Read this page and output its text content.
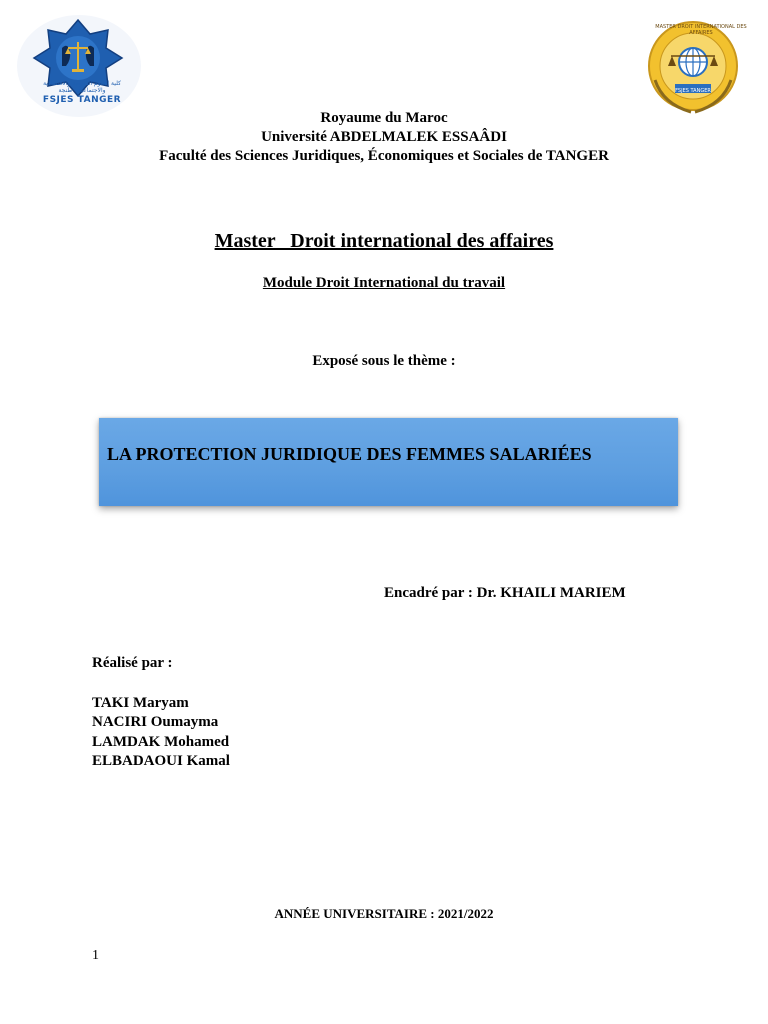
كلية العلوم القانونية والاقتصادية والاجتماعية - طنجة
FSJES TANGER
FSJES TANGER
MASTER DROIT INTERNATIONAL DES AFFAIRES
Royaume du Maroc
Université ABDELMALEK ESSAÂDI
Faculté des Sciences Juridiques, Économiques et Sociales de TANGER
Master   Droit international des affaires
Module Droit International du travail
Exposé sous le thème :
LA PROTECTION JURIDIQUE DES FEMMES SALARIÉES
Encadré par : Dr. KHAILI MARIEM
Réalisé par :
TAKI Maryam
NACIRI Oumayma
LAMDAK Mohamed
ELBADAOUI Kamal
ANNÉE UNIVERSITAIRE : 2021/2022
1
